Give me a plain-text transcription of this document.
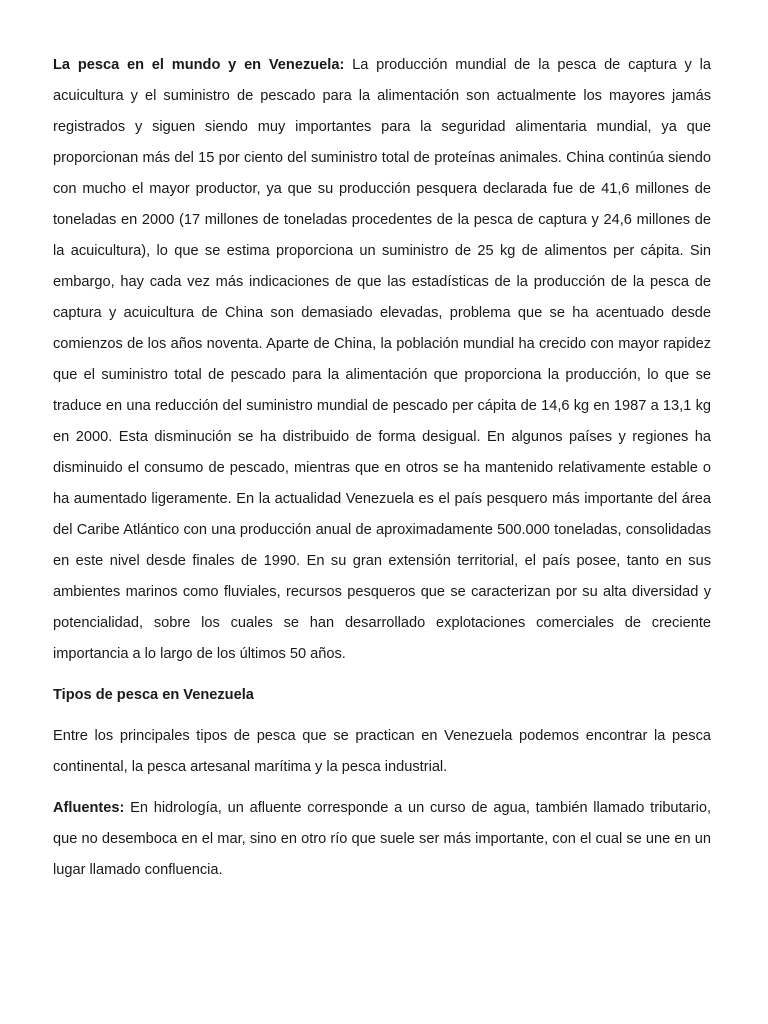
La pesca en el mundo y en Venezuela: La producción mundial de la pesca de captura y la acuicultura y el suministro de pescado para la alimentación son actualmente los mayores jamás registrados y siguen siendo muy importantes para la seguridad alimentaria mundial, ya que proporcionan más del 15 por ciento del suministro total de proteínas animales. China continúa siendo con mucho el mayor productor, ya que su producción pesquera declarada fue de 41,6 millones de toneladas en 2000 (17 millones de toneladas procedentes de la pesca de captura y 24,6 millones de la acuicultura), lo que se estima proporciona un suministro de 25 kg de alimentos per cápita. Sin embargo, hay cada vez más indicaciones de que las estadísticas de la producción de la pesca de captura y acuicultura de China son demasiado elevadas, problema que se ha acentuado desde comienzos de los años noventa. Aparte de China, la población mundial ha crecido con mayor rapidez que el suministro total de pescado para la alimentación que proporciona la producción, lo que se traduce en una reducción del suministro mundial de pescado per cápita de 14,6 kg en 1987 a 13,1 kg en 2000. Esta disminución se ha distribuido de forma desigual. En algunos países y regiones ha disminuido el consumo de pescado, mientras que en otros se ha mantenido relativamente estable o ha aumentado ligeramente. En la actualidad Venezuela es el país pesquero más importante del área del Caribe Atlántico con una producción anual de aproximadamente 500.000 toneladas, consolidadas en este nivel desde finales de 1990. En su gran extensión territorial, el país posee, tanto en sus ambientes marinos como fluviales, recursos pesqueros que se caracterizan por su alta diversidad y potencialidad, sobre los cuales se han desarrollado explotaciones comerciales de creciente importancia a lo largo de los últimos 50 años.

Tipos de pesca en Venezuela

Entre los principales tipos de pesca que se practican en Venezuela podemos encontrar la pesca continental, la pesca artesanal marítima y la pesca industrial.

Afluentes: En hidrología, un afluente corresponde a un curso de agua, también llamado tributario, que no desemboca en el mar, sino en otro río que suele ser más importante, con el cual se une en un lugar llamado confluencia.
